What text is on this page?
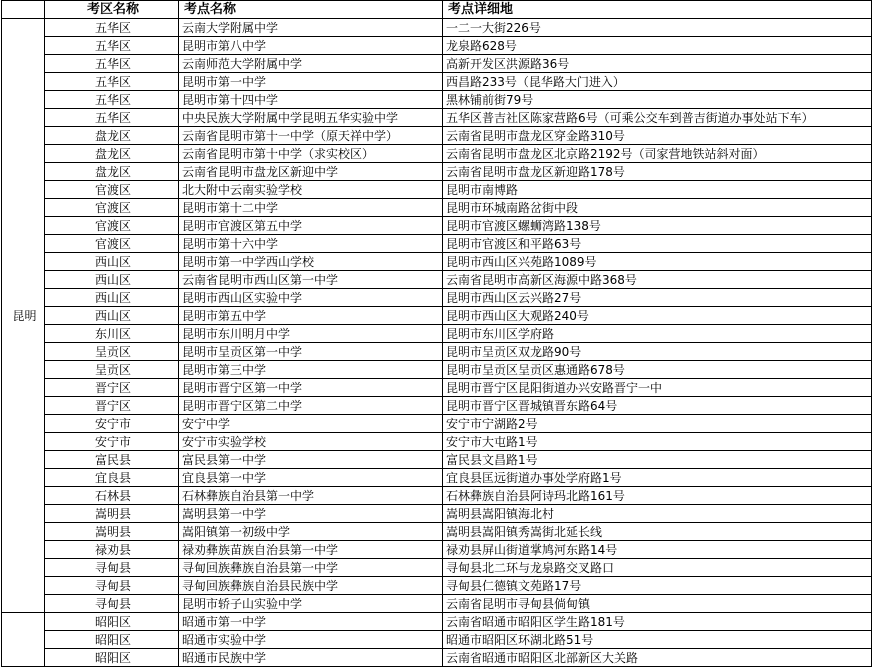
	考区名称	考点名称	考点详细地
昆明	五华区	云南大学附属中学	一二一大街226号
	五华区	昆明市第八中学	龙泉路628号
	五华区	云南师范大学附属中学	高新开发区洪源路36号
	五华区	昆明市第一中学	西昌路233号（昆华路大门进入）
	五华区	昆明市第十四中学	黑林铺前街79号
	五华区	中央民族大学附属中学昆明五华实验中学	五华区普吉社区陈家营路6号（可乘公交车到普吉街道办事处站下车）
	盘龙区	云南省昆明市第十一中学（原天祥中学）	云南省昆明市盘龙区穿金路310号
	盘龙区	云南省昆明市第十中学（求实校区）	云南省昆明市盘龙区北京路2192号（司家营地铁站斜对面）
	盘龙区	云南省昆明市盘龙区新迎中学	云南省昆明市盘龙区新迎路178号
	官渡区	北大附中云南实验学校	昆明市南博路
	官渡区	昆明市第十二中学	昆明市环城南路岔街中段
	官渡区	昆明市官渡区第五中学	昆明市官渡区螺蛳湾路138号
	官渡区	昆明市第十六中学	昆明市官渡区和平路63号
	西山区	昆明市第一中学西山学校	昆明市西山区兴苑路1089号
	西山区	云南省昆明市西山区第一中学	云南省昆明市高新区海源中路368号
	西山区	昆明市西山区实验中学	昆明市西山区云兴路27号
	西山区	昆明市第五中学	昆明市西山区大观路240号
	东川区	昆明市东川明月中学	昆明市东川区学府路
	呈贡区	昆明市呈贡区第一中学	昆明市呈贡区双龙路90号
	呈贡区	昆明市第三中学	昆明市呈贡区呈贡区惠通路678号
	晋宁区	昆明市晋宁区第一中学	昆明市晋宁区昆阳街道办兴安路晋宁一中
	晋宁区	昆明市晋宁区第二中学	昆明市晋宁区晋城镇晋东路64号
	安宁市	安宁中学	安宁市宁湖路2号
	安宁市	安宁市实验学校	安宁市大屯路1号
	富民县	富民县第一中学	富民县文昌路1号
	宜良县	宜良县第一中学	宜良县匡远街道办事处学府路1号
	石林县	石林彝族自治县第一中学	石林彝族自治县阿诗玛北路161号
	嵩明县	嵩明县第一中学	嵩明县嵩阳镇海北村
	嵩明县	嵩阳镇第一初级中学	嵩明县嵩阳镇秀嵩街北延长线
	禄劝县	禄劝彝族苗族自治县第一中学	禄劝县屏山街道掌鸠河东路14号
	寻甸县	寻甸回族彝族自治县第一中学	寻甸县北二环与龙泉路交叉路口
	寻甸县	寻甸回族彝族自治县民族中学	寻甸县仁德镇文苑路17号
	寻甸县	昆明市轿子山实验中学	云南省昆明市寻甸县倘甸镇
	昭阳区	昭通市第一中学	云南省昭通市昭阳区学生路181号
	昭阳区	昭通市实验中学	昭通市昭阳区环湖北路51号
	昭阳区	昭通市民族中学	云南省昭通市昭阳区北部新区大关路
